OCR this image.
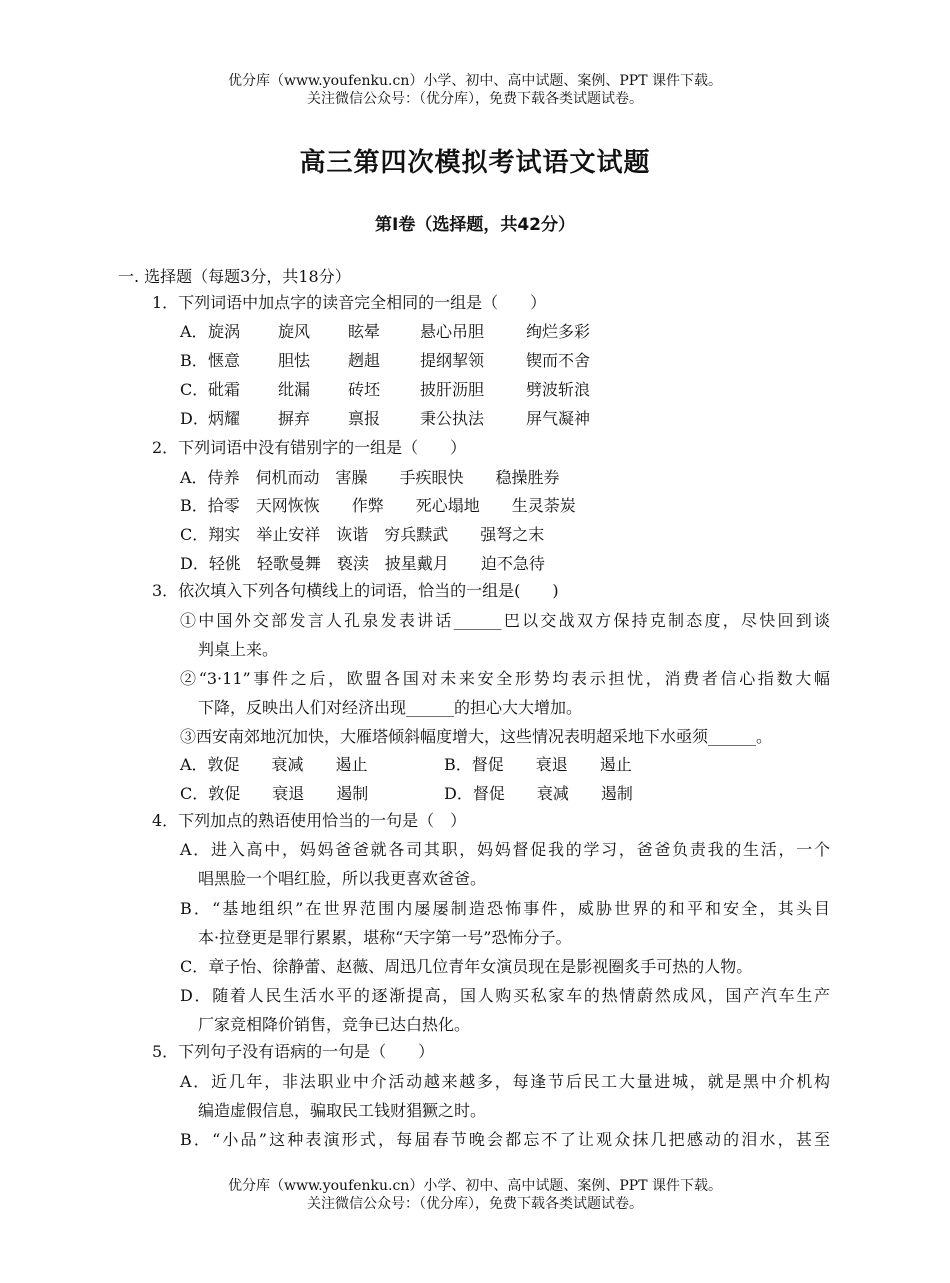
优分库（www.youfenku.cn）小学、初中、高中试题、案例、PPT 课件下载。
关注微信公众号：（优分库），免费下载各类试题试卷。
高三第四次模拟考试语文试题
第Ⅰ卷（选择题，共42分）
一. 选择题（每题3分，共18分）
1．下列词语中加点字的读音完全相同的一组是（　　）
A．旋涡 旋风 眩晕 悬心吊胆	绚烂多彩
B．惬意 胆怯 趔趄 提纲挈领	锲而不舍
C．砒霜 纰漏 砖坯 披肝沥胆	劈波斩浪
D．炳耀 摒弃 禀报 秉公执法	屏气凝神
2．下列词语中没有错别字的一组是（　　）
A．侍养　伺机而动　害臊　　手疾眼快　　稳操胜券
B．拾零　天网恢恢　　作弊　　死心塌地　　生灵荼炭
C．翔实　举止安祥　诙谐　穷兵黩武　　强弩之末
D．轻佻　轻歌曼舞　亵渎　披星戴月　　迫不急待
3．依次填入下列各句横线上的词语，恰当的一组是(　　)
①中国外交部发言人孔泉发表讲话______巴以交战双方保持克制态度，尽快回到谈
判桌上来。
②“3·11”事件之后，欧盟各国对未来安全形势均表示担忧，消费者信心指数大幅
下降，反映出人们对经济出现______的担心大大增加。
③西安南郊地沉加快，大雁塔倾斜幅度增大，这些情况表明超采地下水亟须______。
A．敦促　　衰减　　遏止	B．督促　　衰退　　遏止
C．敦促　　衰退　　遏制	D．督促　　衰减　　遏制
4．下列加点的熟语使用恰当的一句是（　）
A．进入高中，妈妈爸爸就各司其职，妈妈督促我的学习，爸爸负责我的生活，一个
唱黑脸一个唱红脸，所以我更喜欢爸爸。
B．“基地组织”在世界范围内屡屡制造恐怖事件，威胁世界的和平和安全，其头目
本·拉登更是罪行累累，堪称“天字第一号”恐怖分子。
C．章子怡、徐静蕾、赵薇、周迅几位青年女演员现在是影视圈炙手可热的人物。
D．随着人民生活水平的逐渐提高，国人购买私家车的热情蔚然成风，国产汽车生产
厂家竞相降价销售，竞争已达白热化。
5．下列句子没有语病的一句是（　　）
A．近几年，非法职业中介活动越来越多，每逢节后民工大量进城，就是黑中介机构
编造虚假信息，骗取民工钱财猖獗之时。
B．“小品”这种表演形式，每届春节晚会都忘不了让观众抹几把感动的泪水，甚至
优分库（www.youfenku.cn）小学、初中、高中试题、案例、PPT 课件下载。
关注微信公众号：（优分库），免费下载各类试题试卷。
